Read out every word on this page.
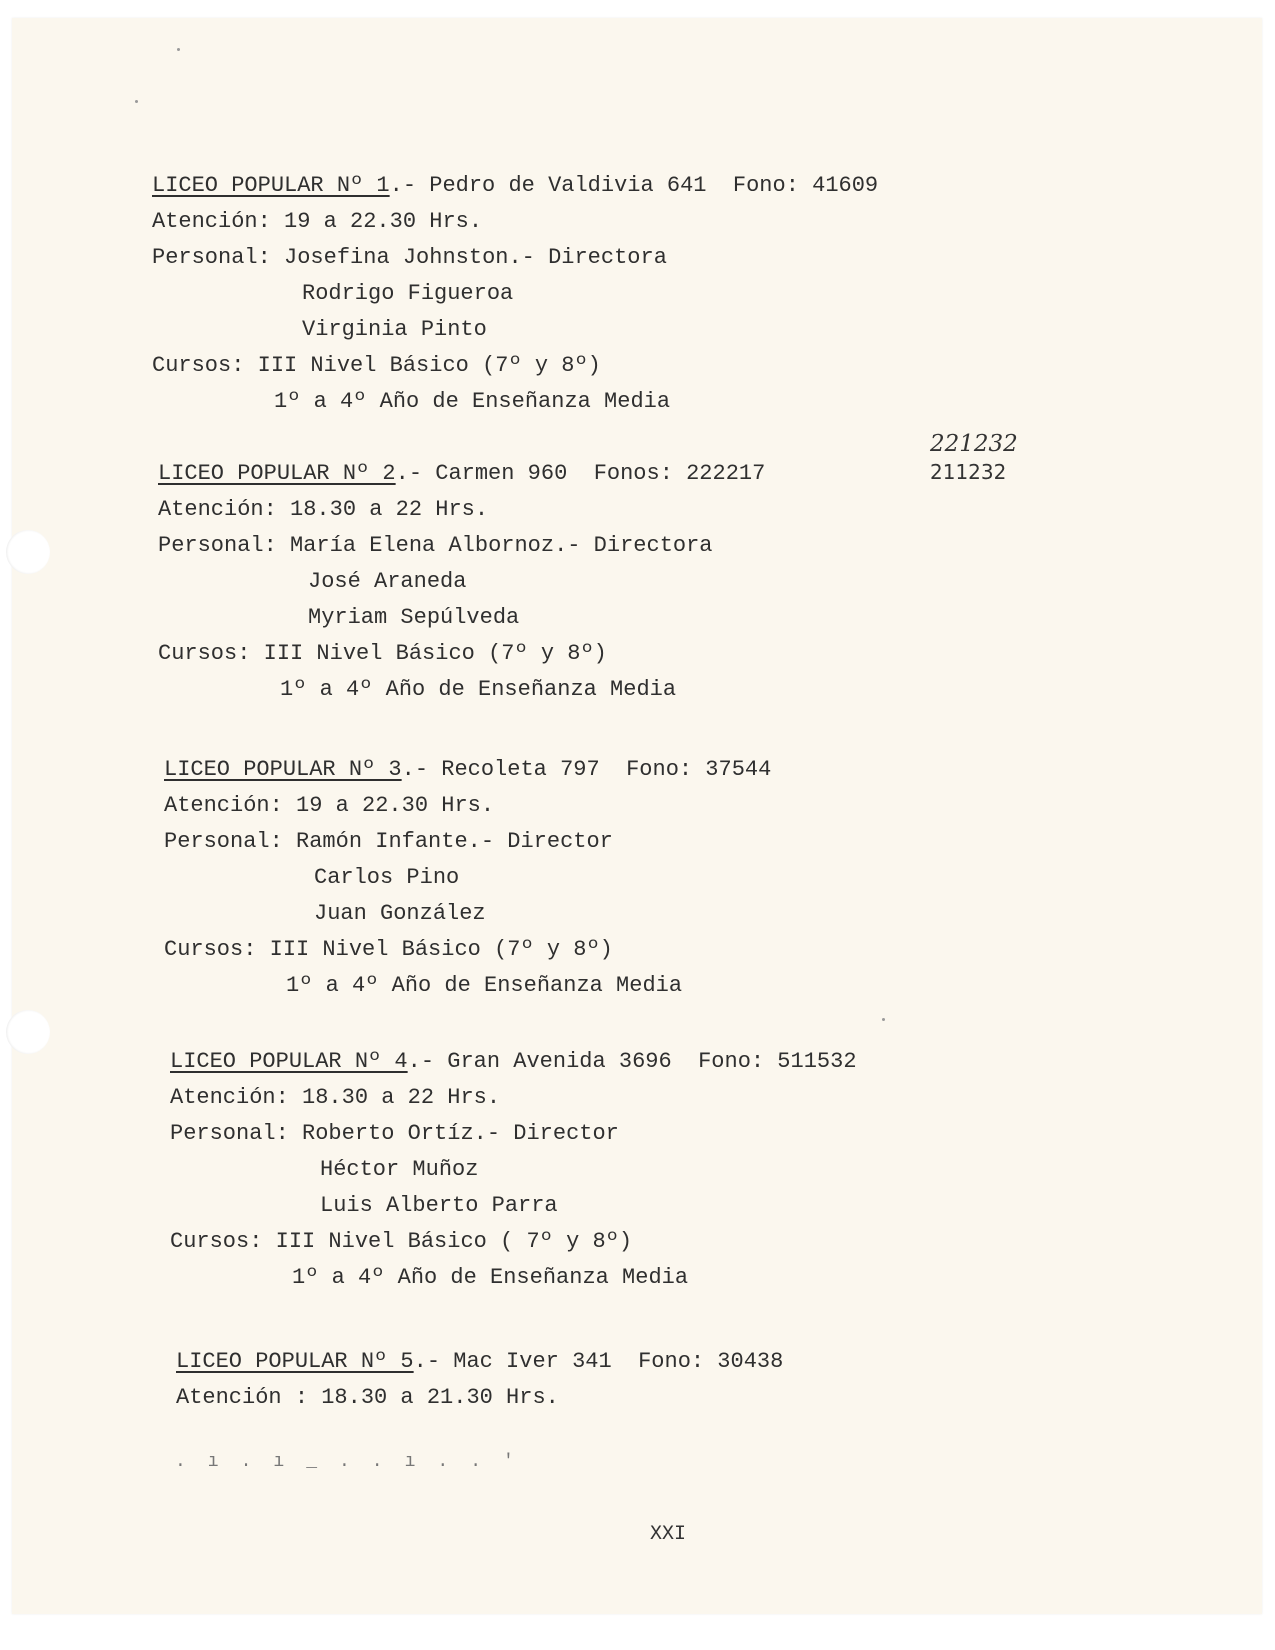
LICEO POPULAR Nº 1.- Pedro de Valdivia 641 Fono: 41609
Atención: 19 a 22.30 Hrs.
Personal: Josefina Johnston.- Directora
Rodrigo Figueroa
Virginia Pinto
Cursos: III Nivel Básico (7º y 8º)
1º a 4º Año de Enseñanza Media
221232
211232
LICEO POPULAR Nº 2.- Carmen 960 Fonos: 222217
Atención: 18.30 a 22 Hrs.
Personal: María Elena Albornoz.- Directora
José Araneda
Myriam Sepúlveda
Cursos: III Nivel Básico (7º y 8º)
1º a 4º Año de Enseñanza Media
LICEO POPULAR Nº 3.- Recoleta 797 Fono: 37544
Atención: 19 a 22.30 Hrs.
Personal: Ramón Infante.- Director
Carlos Pino
Juan González
Cursos: III Nivel Básico (7º y 8º)
1º a 4º Año de Enseñanza Media
LICEO POPULAR Nº 4.- Gran Avenida 3696 Fono: 511532
Atención: 18.30 a 22 Hrs.
Personal: Roberto Ortíz.- Director
Héctor Muñoz
Luis Alberto Parra
Cursos: III Nivel Básico ( 7º y 8º)
1º a 4º Año de Enseñanza Media
LICEO POPULAR Nº 5.- Mac Iver 341 Fono: 30438
Atención : 18.30 a 21.30 Hrs.
.ı.ı_..ı..'
XXI
